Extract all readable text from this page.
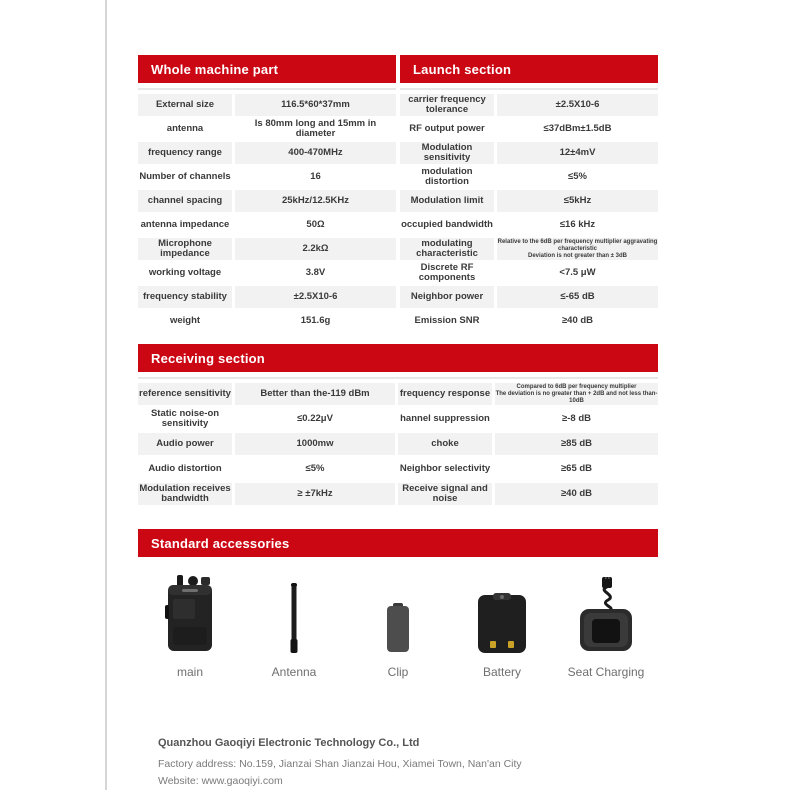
Whole machine part
External size	116.5*60*37mm
antenna	Is 80mm long and 15mm in diameter
frequency range	400-470MHz
Number of channels	16
channel spacing	25kHz/12.5KHz
antenna impedance	50Ω
Microphone impedance	2.2kΩ
working voltage	3.8V
frequency stability	±2.5X10-6
weight	151.6g
Launch section
carrier frequency tolerance	±2.5X10-6
RF output power	≤37dBm±1.5dB
Modulation sensitivity	12±4mV
modulation distortion	≤5%
Modulation limit	≤5kHz
occupied bandwidth	≤16 kHz
modulating characteristic
Relative to the 6dB per frequency multiplier aggravating characteristic
Deviation is not greater than ± 3dB
Discrete RF components	<7.5 μW
Neighbor power	≤-65 dB
Emission SNR	≥40 dB
Receiving section
reference sensitivity	Better than the-119 dBm	frequency response
Compared to 6dB per frequency multiplier
The deviation is no greater than + 2dB and not less than-10dB
Static noise-on sensitivity	≤0.22μV	hannel suppression	≥-8 dB
Audio power	1000mw	choke	≥85 dB
Audio distortion	≤5%	Neighbor selectivity	≥65 dB
Modulation receives bandwidth	≥ ±7kHz	Receive signal and noise	≥40 dB
Standard accessories
main	Antenna	Clip	Battery	Seat Charging
Quanzhou Gaoqiyi Electronic Technology Co., Ltd
Factory address: No.159, Jianzai Shan Jianzai Hou, Xiamei Town, Nan'an City
Website: www.gaoqiyi.com
